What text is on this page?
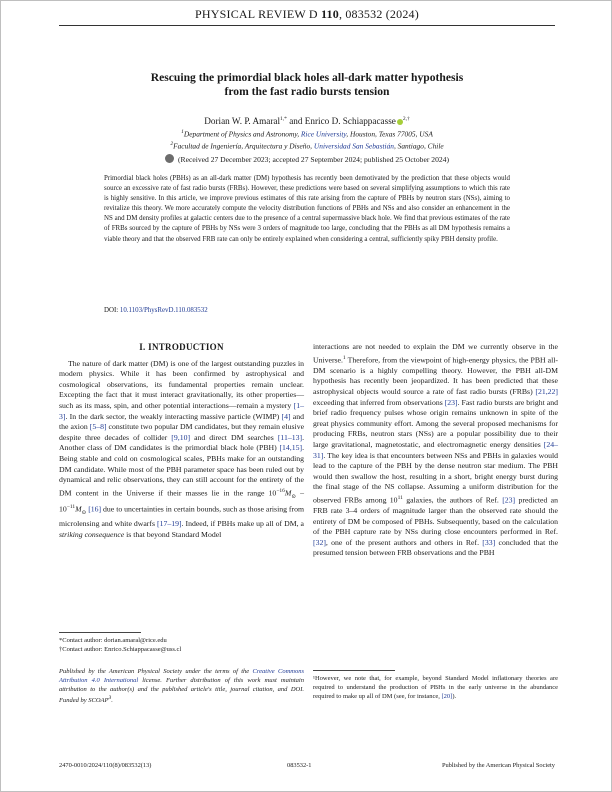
PHYSICAL REVIEW D 110, 083532 (2024)
Rescuing the primordial black holes all-dark matter hypothesis
from the fast radio bursts tension
Dorian W. P. Amaral$^{1,*}$ and Enrico D. Schiappacasse $^{2,\dagger}$
$^1$Department of Physics and Astronomy, Rice University, Houston, Texas 77005, USA
$^2$Facultad de Ingeniería, Arquitectura y Diseño, Universidad San Sebastián, Santiago, Chile
(Received 27 December 2023; accepted 27 September 2024; published 25 October 2024)

Primordial black holes (PBHs) as an all-dark matter (DM) hypothesis has recently been demotivated by the prediction that these objects would source an excessive rate of fast radio bursts (FRBs). However, these predictions were based on several simplifying assumptions to which this rate is highly sensitive. In this article, we improve previous estimates of this rate arising from the capture of PBHs by neutron stars (NSs), aiming to revitalize this theory. We more accurately compute the velocity distribution functions of PBHs and NSs and also consider an enhancement in the NS and DM density profiles at galactic centers due to the presence of a central supermassive black hole. We find that previous estimates of the rate of FRBs sourced by the capture of PBHs by NSs were 3 orders of magnitude too large, concluding that the PBHs as all DM hypothesis remains a viable theory and that the observed FRB rate can only be entirely explained when considering a central, sufficiently spiky PBH density profile.

DOI: 10.1103/PhysRevD.110.083532
I. INTRODUCTION

The nature of dark matter (DM) is one of the largest outstanding puzzles in modern physics. While it has been confirmed by astrophysical and cosmological observations, its fundamental properties remain unclear. Excepting the fact that it must interact gravitationally, its other properties—such as its mass, spin, and other potential interactions—remain a mystery [1–3]. In the dark sector, the weakly interacting massive particle (WIMP) [4] and the axion [5–8] constitute two popular DM candidates, but they remain elusive despite three decades of collider [9,10] and direct DM searches [11–13]. Another class of DM candidates is the primordial black hole (PBH) [14,15]. Being stable and cold on cosmological scales, PBHs make for an outstanding DM candidate. While most of the PBH parameter space has been ruled out by dynamical and relic observations, they can still account for the entirety of the DM content in the Universe if their masses lie in the range $10^{-16}M_⊙ - 10^{-11}M_⊙$ [16] due to uncertainties in certain bounds, such as those arising from microlensing and white dwarfs [17–19]. Indeed, if PBHs make up all of DM, a striking consequence is that beyond Standard Model

*Contact author: dorian.amaral@rice.edu

†Contact author: Enrico.Schiappacasse@uss.cl

Published by the American Physical Society under the terms of the Creative Commons Attribution 4.0 International license. Further distribution of this work must maintain attribution to the author(s) and the published article's title, journal citation, and DOI. Funded by SCOAP$^3$.

interactions are not needed to explain the DM we currently observe in the Universe.$^1$ Therefore, from the viewpoint of high-energy physics, the PBH all-DM scenario is a highly compelling theory. However, the PBH all-DM hypothesis has recently been jeopardized. It has been predicted that these astrophysical objects would source a rate of fast radio bursts (FRBs) [21,22] exceeding that inferred from observations [23]. Fast radio bursts are bright and brief radio frequency pulses whose origin remains unknown in spite of the great physics community effort. Among the several proposed mechanisms for producing FRBs, neutron stars (NSs) are a popular possibility due to their large gravitational, magnetostatic, and electromagnetic energy densities [24–31]. The key idea is that encounters between NSs and PBHs in galaxies would lead to the capture of the PBH by the dense neutron star medium. The PBH would then swallow the host, resulting in a short, bright energy burst during the final stage of the NS collapse. Assuming a uniform distribution for the observed FRBs among $10^{11}$ galaxies, the authors of Ref. [23] predicted an FRB rate 3–4 orders of magnitude larger than the observed rate should the entirety of DM be composed of PBHs. Subsequently, based on the calculation of the PBH capture rate by NSs during close encounters performed in Ref. [32], one of the present authors and others in Ref. [33] concluded that the presumed tension between FRB observations and the PBH

¹However, we note that, for example, beyond Standard Model inflationary theories are required to understand the production of PBHs in the early universe in the abundance required to make up all of DM (see, for instance, [20]).

2470-0010/2024/110(8)/083532(13)	083532-1	Published by the American Physical Society
